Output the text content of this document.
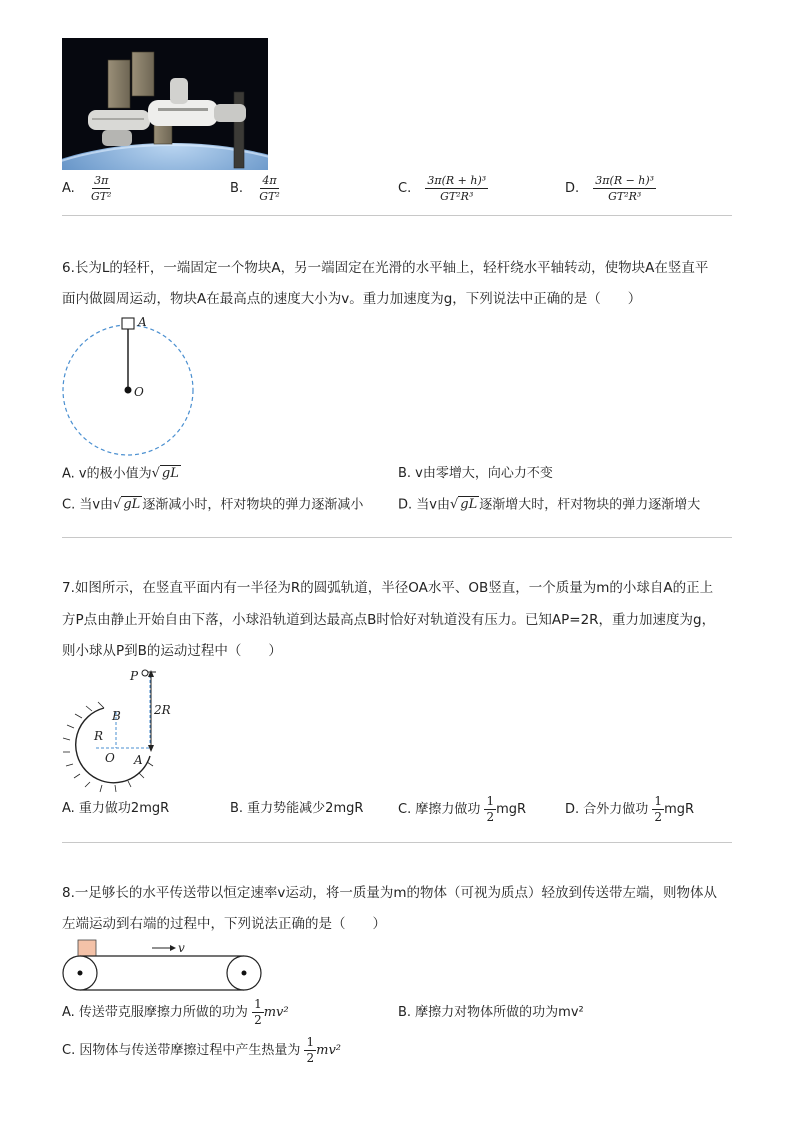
A. $\frac{3\pi}{\text{GT²}}$	B. $\frac{4\pi}{\text{GT²}}$	C. $\frac{\text{3π(R + h)³}}{\text{GT²R³}}$	D. $\frac{\text{3π(R − h)³}}{\text{GT²R³}}$
6.长为L的轻杆，一端固定一个物块A，另一端固定在光滑的水平轴上，轻杆绕水平轴转动，使物块A在竖直平
面内做圆周运动，物块A在最高点的速度大小为v。重力加速度为g，下列说法中正确的是（　　）
A
O
A. v的极小值为√ gL	B. v由零增大，向心力不变
C. 当v由√ gL 逐渐减小时，杆对物块的弹力逐渐减小	D. 当v由√ gL 逐渐增大时，杆对物块的弹力逐渐增大
7.如图所示，在竖直平面内有一半径为R的圆弧轨道，半径OA水平、OB竖直，一个质量为m的小球自A的正上
方P点由静止开始自由下落，小球沿轨道到达最高点B时恰好对轨道没有压力。已知AP=2R，重力加速度为g，
则小球从P到B的运动过程中（　　）
P
B
R
O A
2R
A. 重力做功2mgR	B. 重力势能减少2mgR	C. 摩擦力做功 $\frac{1}{2}$ mgR	D. 合外力做功 $\frac{1}{2}$ mgR
8.一足够长的水平传送带以恒定速率v运动，将一质量为m的物体（可视为质点）轻放到传送带左端，则物体从
左端运动到右端的过程中，下列说法正确的是（　　）
v
A. 传送带克服摩擦力所做的功为 $\frac{1}{2} mv^2$	B. 摩擦力对物体所做的功为mv²
C. 因物体与传送带摩擦过程中产生热量为 $\frac{1}{2} mv^2$
